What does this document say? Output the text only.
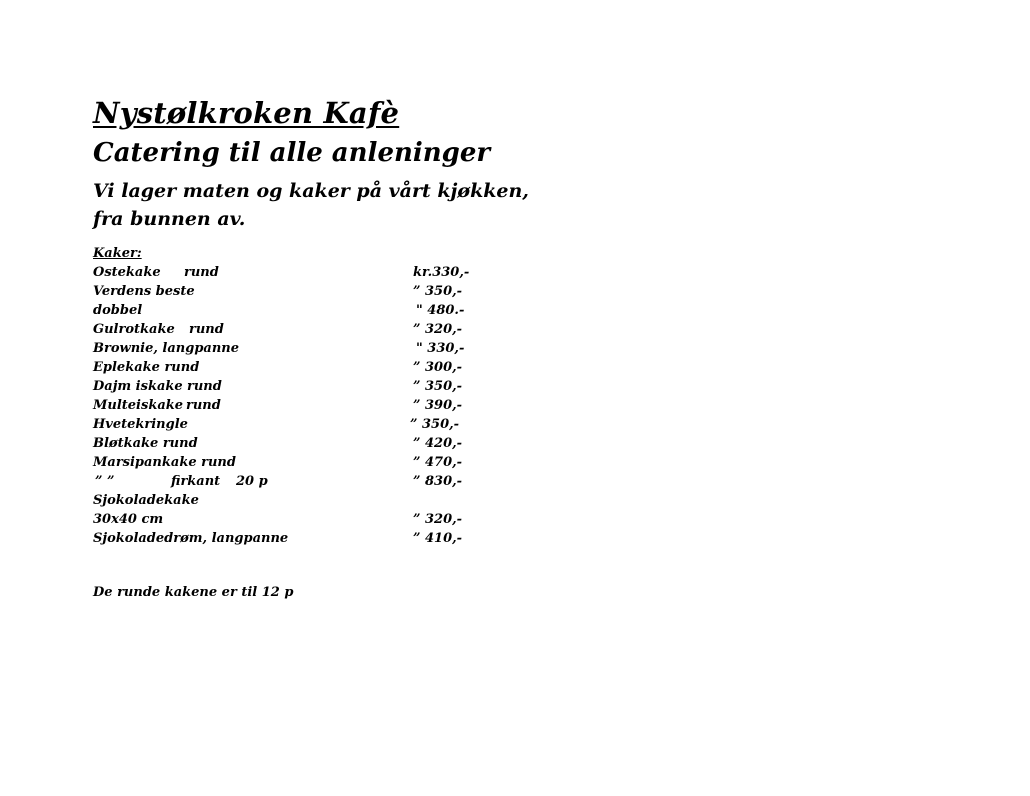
Nystølkroken Kafè
Catering til alle anleninger
Vi lager maten og kaker på vårt kjøkken,
fra bunnen av.
Kaker:
Ostekake rund	kr.330,-
Verdens beste	” 350,-
dobbel	" 480.-
Gulrotkake rund	” 320,-
Brownie, langpanne	" 330,-
Eplekake rund	” 300,-
Dajm iskake rund	” 350,-
Multeiskake rund	” 390,-
Hvetekringle	” 350,-
Bløtkake rund	” 420,-
Marsipankake rund	” 470,-
” ”	firkant 20 p	” 830,-
Sjokoladekake
30x40 cm	” 320,-
Sjokoladedrøm, langpanne	” 410,-
De runde kakene er til 12 p
